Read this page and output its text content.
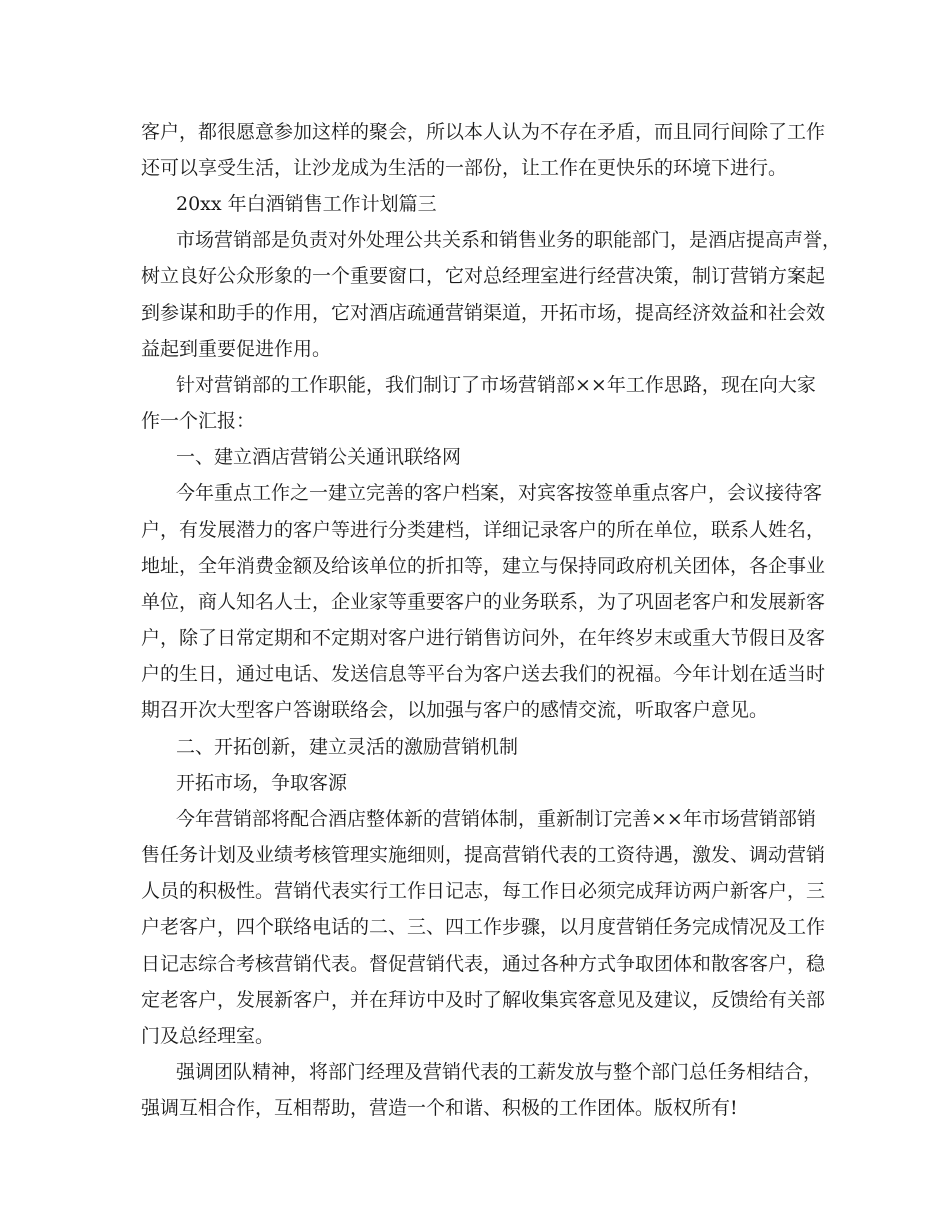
客户，都很愿意参加这样的聚会，所以本人认为不存在矛盾，而且同行间除了工作
还可以享受生活，让沙龙成为生活的一部份，让工作在更快乐的环境下进行。
20xx 年白酒销售工作计划篇三
市场营销部是负责对外处理公共关系和销售业务的职能部门，是酒店提高声誉，
树立良好公众形象的一个重要窗口，它对总经理室进行经营决策，制订营销方案起
到参谋和助手的作用，它对酒店疏通营销渠道，开拓市场，提高经济效益和社会效
益起到重要促进作用。
针对营销部的工作职能，我们制订了市场营销部××年工作思路，现在向大家
作一个汇报：
一、建立酒店营销公关通讯联络网
今年重点工作之一建立完善的客户档案，对宾客按签单重点客户，会议接待客
户，有发展潜力的客户等进行分类建档，详细记录客户的所在单位，联系人姓名，
地址，全年消费金额及给该单位的折扣等，建立与保持同政府机关团体，各企事业
单位，商人知名人士，企业家等重要客户的业务联系，为了巩固老客户和发展新客
户，除了日常定期和不定期对客户进行销售访问外，在年终岁末或重大节假日及客
户的生日，通过电话、发送信息等平台为客户送去我们的祝福。今年计划在适当时
期召开次大型客户答谢联络会，以加强与客户的感情交流，听取客户意见。
二、开拓创新，建立灵活的激励营销机制
开拓市场，争取客源
今年营销部将配合酒店整体新的营销体制，重新制订完善××年市场营销部销
售任务计划及业绩考核管理实施细则，提高营销代表的工资待遇，激发、调动营销
人员的积极性。营销代表实行工作日记志，每工作日必须完成拜访两户新客户，三
户老客户，四个联络电话的二、三、四工作步骤，以月度营销任务完成情况及工作
日记志综合考核营销代表。督促营销代表，通过各种方式争取团体和散客客户，稳
定老客户，发展新客户，并在拜访中及时了解收集宾客意见及建议，反馈给有关部
门及总经理室。
强调团队精神，将部门经理及营销代表的工薪发放与整个部门总任务相结合，
强调互相合作，互相帮助，营造一个和谐、积极的工作团体。版权所有!
